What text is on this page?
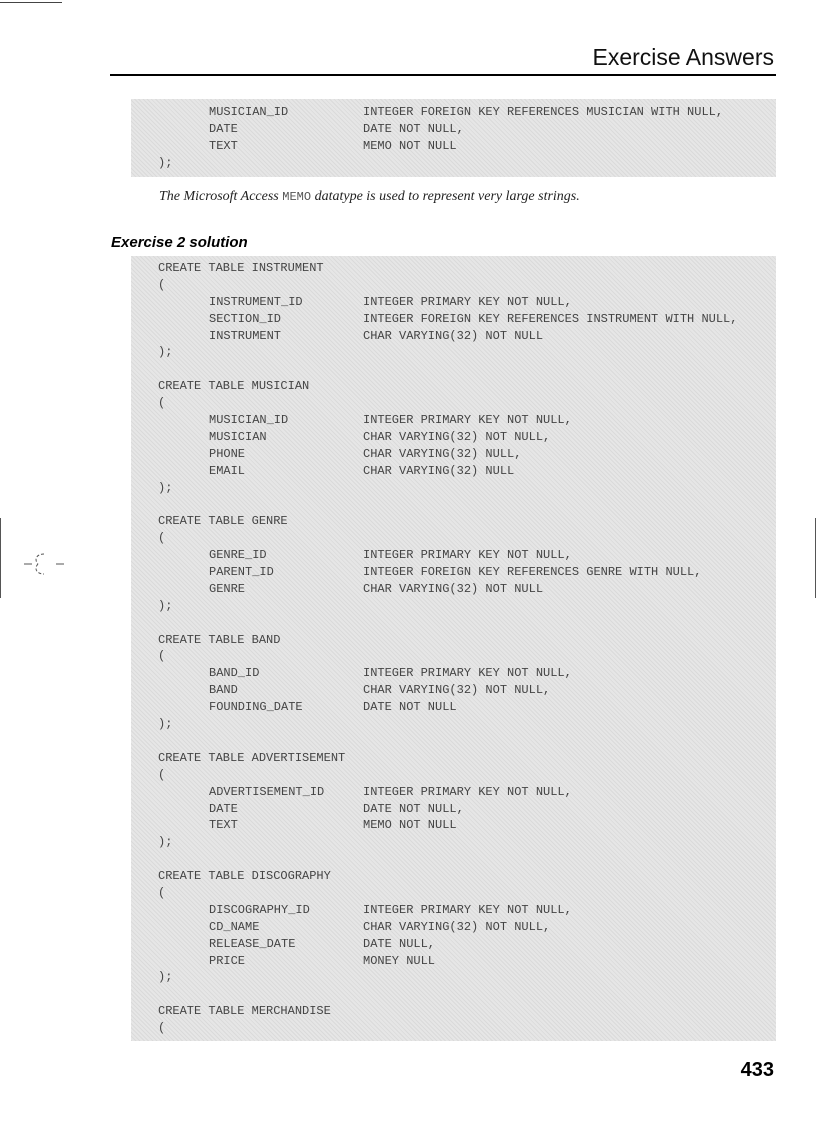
Exercise Answers
MUSICIAN_ID	INTEGER FOREIGN KEY REFERENCES MUSICIAN WITH NULL,
DATE	DATE NOT NULL,
TEXT	MEMO NOT NULL
);
The Microsoft Access MEMO datatype is used to represent very large strings.
Exercise 2 solution
CREATE TABLE INSTRUMENT
(
INSTRUMENT_ID	INTEGER PRIMARY KEY NOT NULL,
SECTION_ID	INTEGER FOREIGN KEY REFERENCES INSTRUMENT WITH NULL,
INSTRUMENT	CHAR VARYING(32) NOT NULL
);
CREATE TABLE MUSICIAN
(
MUSICIAN_ID	INTEGER PRIMARY KEY NOT NULL,
MUSICIAN	CHAR VARYING(32) NOT NULL,
PHONE	CHAR VARYING(32) NULL,
EMAIL	CHAR VARYING(32) NULL
);
CREATE TABLE GENRE
(
GENRE_ID	INTEGER PRIMARY KEY NOT NULL,
PARENT_ID	INTEGER FOREIGN KEY REFERENCES GENRE WITH NULL,
GENRE	CHAR VARYING(32) NOT NULL
);
CREATE TABLE BAND
(
BAND_ID	INTEGER PRIMARY KEY NOT NULL,
BAND	CHAR VARYING(32) NOT NULL,
FOUNDING_DATE	DATE NOT NULL
);
CREATE TABLE ADVERTISEMENT
(
ADVERTISEMENT_ID	INTEGER PRIMARY KEY NOT NULL,
DATE	DATE NOT NULL,
TEXT	MEMO NOT NULL
);
CREATE TABLE DISCOGRAPHY
(
DISCOGRAPHY_ID	INTEGER PRIMARY KEY NOT NULL,
CD_NAME	CHAR VARYING(32) NOT NULL,
RELEASE_DATE	DATE NULL,
PRICE	MONEY NULL
);
CREATE TABLE MERCHANDISE
(
433
